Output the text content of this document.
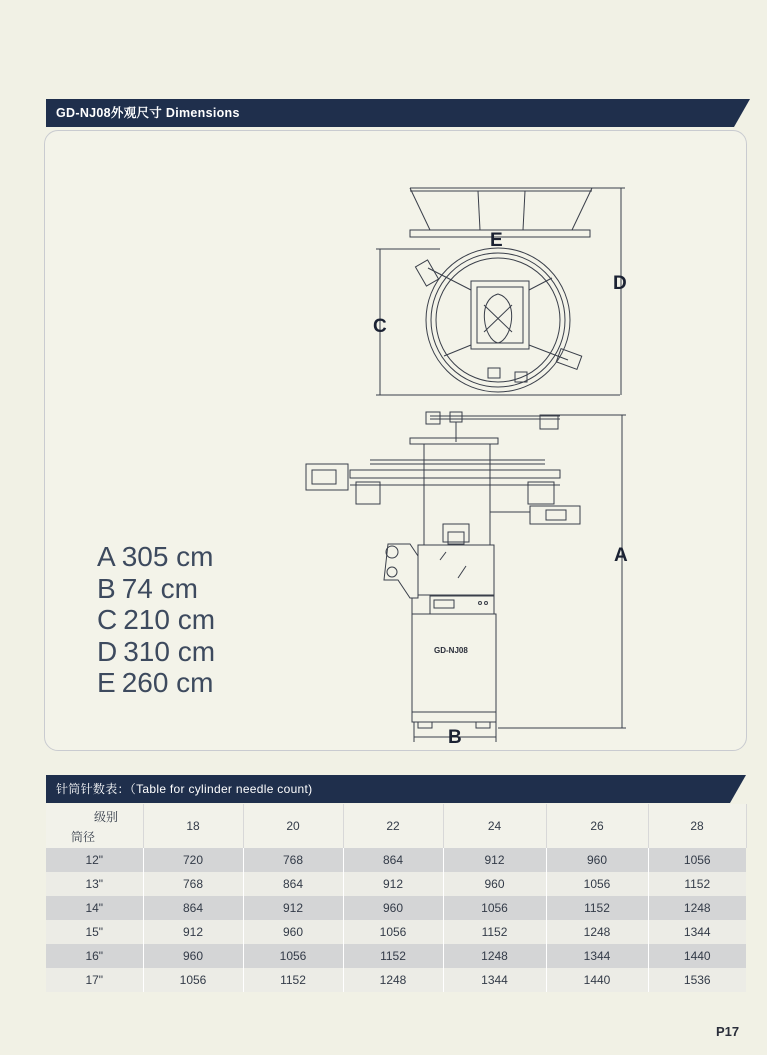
GD-NJ08外观尺寸 Dimensions
E
D
C
A
B
GD-NJ08
A 305 cm
B 74 cm
C 210 cm
D 310 cm
E 260 cm
针筒针数表：（Table for cylinder needle count)
级别
筒径	18	20	22	24	26	28
12"	720	768	864	912	960	1056
13"	768	864	912	960	1056	1152
14"	864	912	960	1056	1152	1248
15"	912	960	1056	1152	1248	1344
16"	960	1056	1152	1248	1344	1440
17"	1056	1152	1248	1344	1440	1536
P17
